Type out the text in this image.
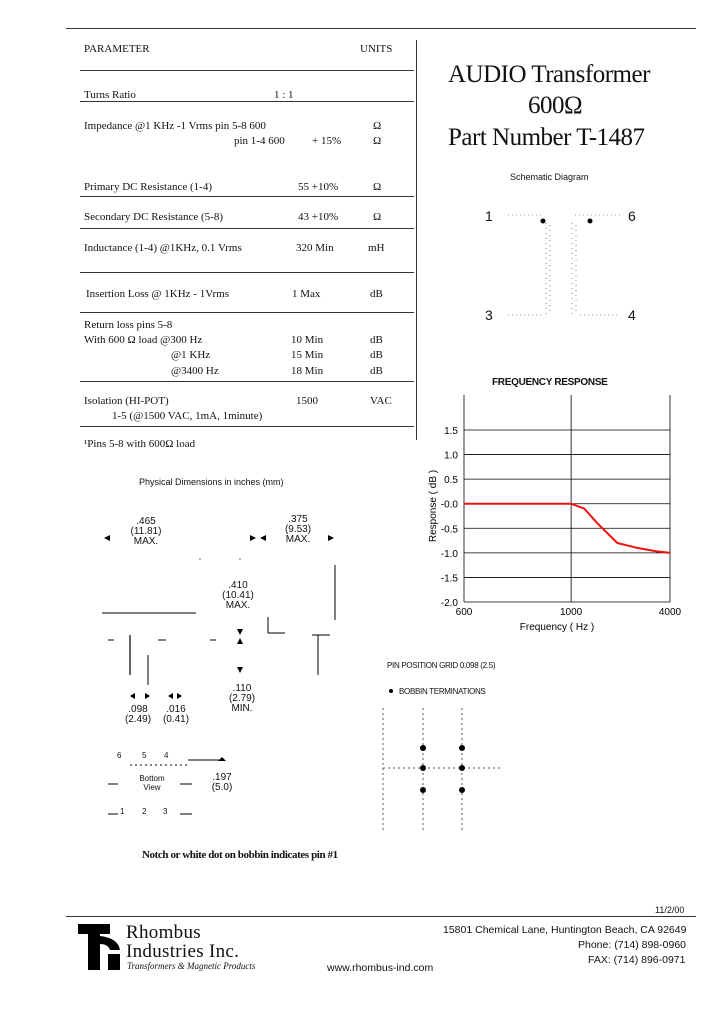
PARAMETER	UNITS
AUDIO Transformer
600Ω
Part Number T-1487
Turns Ratio	1 : 1
Impedance @1 KHz -1 Vrms pin 5-8 600	Ω
pin 1-4 600 + 15%	Ω
Primary DC Resistance (1-4)	55 +10%	Ω
Secondary DC Resistance (5-8)	43 +10%	Ω
Inductance (1-4) @1KHz, 0.1 Vrms	320 Min	mH
Insertion Loss @ 1KHz - 1Vrms	1 Max	dB
Return loss pins 5-8
With 600 Ω load @300 Hz	10 Min	dB
@1 KHz	15 Min	dB
@3400 Hz	18 Min	dB
Isolation (HI-POT)	1500	VAC
1-5 (@1500 VAC, 1mA, 1minute)
¹Pins 5-8 with 600Ω load
Schematic Diagram
1	6
3	4
FREQUENCY RESPONSE
1.5
1.0
0.5
-0.0
-0.5
-1.0
-1.5
-2.0
600	1000	4000
Frequency ( Hz )
Response ( dB )
Physical Dimensions in inches (mm)
.465
(11.81)
MAX.
.375
(9.53)
MAX.
.410
(10.41)
MAX.
.110
(2.79)
MIN.
.098
(2.49)
.016
(0.41)
.197
(5.0)
6	5 4
Bottom
View
1 2 3
Notch or white dot on bobbin indicates pin #1
PIN POSITION GRID 0.098 (2.5)
BOBBIN TERMINATIONS
11/2/00
Rhombus
Industries Inc.
Transformers & Magnetic Products
15801 Chemical Lane, Huntington Beach, CA 92649
Phone: (714) 898-0960
FAX: (714) 896-0971
www.rhombus-ind.com
